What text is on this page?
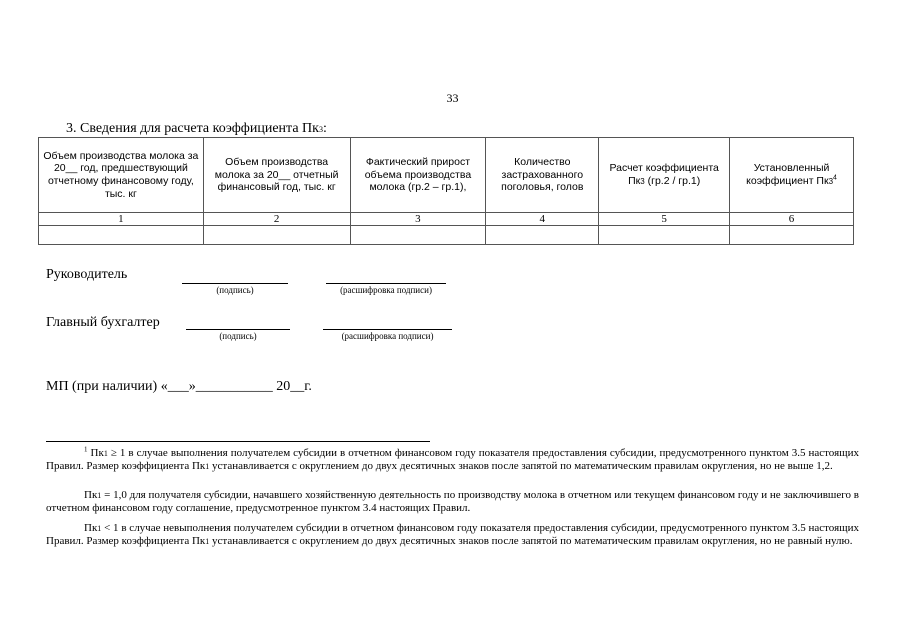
33
3. Сведения для расчета коэффициента Пк3:
Объем производства молока за 20__ год, предшествующий отчетному финансовому году, тыс. кг	Объем производства молока за 20__ отчетный финансовый год, тыс. кг	Фактический прирост объема производства молока (гр.2 – гр.1),	Количество застрахованного поголовья, голов	Расчет коэффициента Пк3 (гр.2 / гр.1)	Установленный коэффициент $Пк3^4$
1	2	3	4	5	6

Руководитель
(подпись)	(расшифровка подписи)
Главный бухгалтер
(подпись)	(расшифровка подписи)
МП (при наличии) «___»___________ 20__г.
$^1$ Пк1 ≥ 1 в случае выполнения получателем субсидии в отчетном финансовом году показателя предоставления субсидии, предусмотренного пунктом 3.5 настоящих Правил. Размер коэффициента Пк1 устанавливается с округлением до двух десятичных знаков после запятой по математическим правилам округления, но не выше 1,2.
Пк1 = 1,0 для получателя субсидии, начавшего хозяйственную деятельность по производству молока в отчетном или текущем финансовом году и не заключившего в отчетном финансовом году соглашение, предусмотренное пунктом 3.4 настоящих Правил.
Пк1 < 1 в случае невыполнения получателем субсидии в отчетном финансовом году показателя предоставления субсидии, предусмотренного пунктом 3.5 настоящих Правил. Размер коэффициента Пк1 устанавливается с округлением до двух десятичных знаков после запятой по математическим правилам округления, но не равный нулю.
